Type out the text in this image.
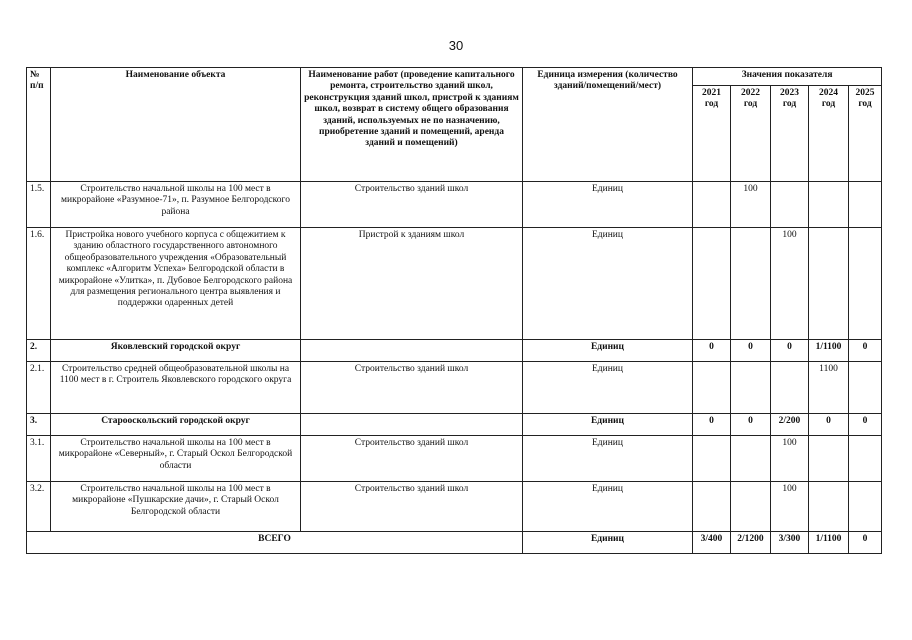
30
№ п/п	Наименование объекта	Наименование работ (проведение капитального ремонта, строительство зданий школ, реконструкция зданий школ, пристрой к зданиям школ, возврат в систему общего образования зданий, используемых не по назначению, приобретение зданий и помещений, аренда зданий и помещений)	Единица измерения (количество зданий/помещений/мест)	Значения показателя				
				2021 год	2022 год	2023 год	2024 год	2025 год
1.5.	Строительство начальной школы на 100 мест в микрорайоне «Разумное-71», п. Разумное Белгородского района	Строительство зданий школ	Единиц		100			
1.6.	Пристройка нового учебного корпуса с общежитием к зданию областного государственного автономного общеобразовательного учреждения «Образовательный комплекс «Алгоритм Успеха» Белгородской области в микрорайоне «Улитка», п. Дубовое Белгородского района для размещения регионального центра выявления и поддержки одаренных детей	Пристрой к зданиям школ	Единиц			100		
2.	Яковлевский городской округ		Единиц	0	0	0	1/1100	0
2.1.	Строительство средней общеобразовательной школы на 1100 мест в г. Строитель Яковлевского городского округа	Строительство зданий школ	Единиц				1100	
3.	Старооскольский городской округ		Единиц	0	0	2/200	0	0
3.1.	Строительство начальной школы на 100 мест в микрорайоне «Северный», г. Старый Оскол Белгородской области	Строительство зданий школ	Единиц			100		
3.2.	Строительство начальной школы на 100 мест в микрорайоне «Пушкарские дачи», г. Старый Оскол Белгородской области	Строительство зданий школ	Единиц			100		
ВСЕГО			Единиц	3/400	2/1200	3/300	1/1100	0
